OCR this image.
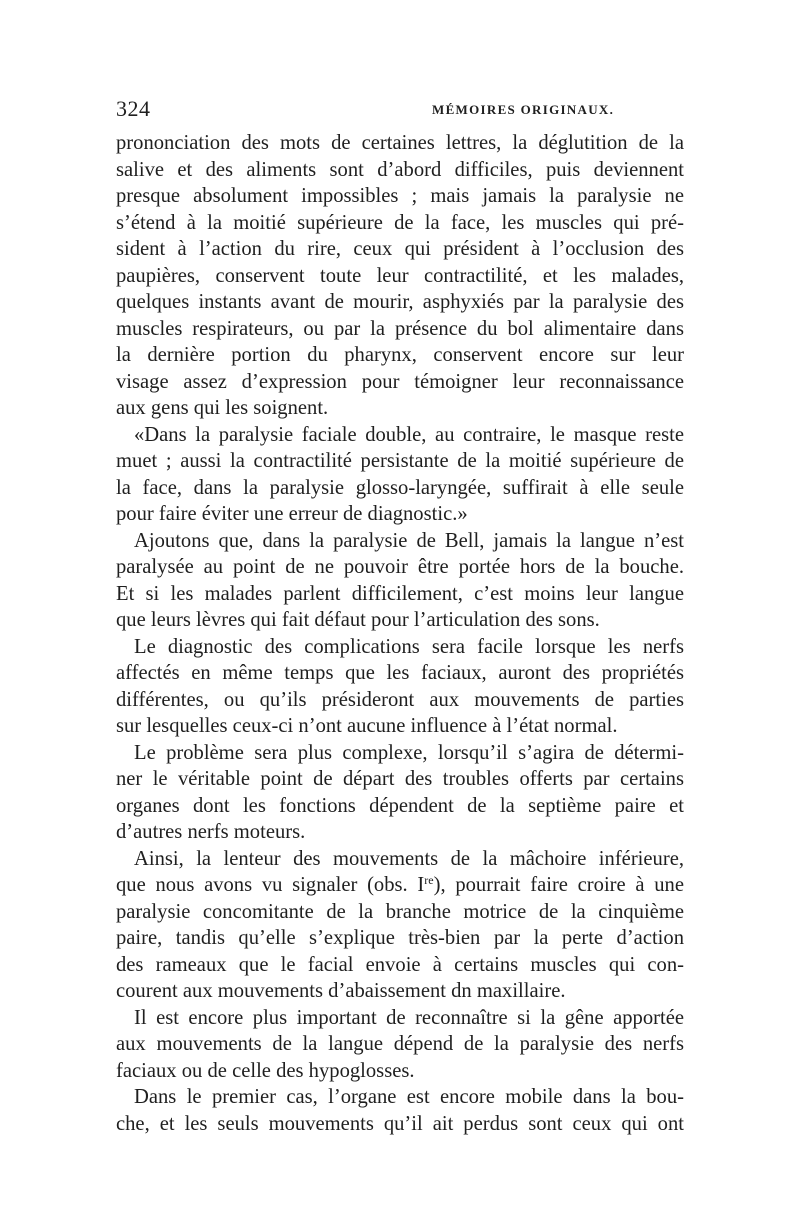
324	MÉMOIRES ORIGINAUX.
prononciation des mots de certaines lettres, la déglutition de la
salive et des aliments sont d’abord difficiles, puis deviennent
presque absolument impossibles ; mais jamais la paralysie ne
s’étend à la moitié supérieure de la face, les muscles qui pré-
sident à l’action du rire, ceux qui président à l’occlusion des
paupières, conservent toute leur contractilité, et les malades,
quelques instants avant de mourir, asphyxiés par la paralysie des
muscles respirateurs, ou par la présence du bol alimentaire dans
la dernière portion du pharynx, conservent encore sur leur
visage assez d’expression pour témoigner leur reconnaissance
aux gens qui les soignent.
«Dans la paralysie faciale double, au contraire, le masque reste
muet ; aussi la contractilité persistante de la moitié supérieure de
la face, dans la paralysie glosso-laryngée, suffirait à elle seule
pour faire éviter une erreur de diagnostic.»
Ajoutons que, dans la paralysie de Bell, jamais la langue n’est
paralysée au point de ne pouvoir être portée hors de la bouche.
Et si les malades parlent difficilement, c’est moins leur langue
que leurs lèvres qui fait défaut pour l’articulation des sons.
Le diagnostic des complications sera facile lorsque les nerfs
affectés en même temps que les faciaux, auront des propriétés
différentes, ou qu’ils présideront aux mouvements de parties
sur lesquelles ceux-ci n’ont aucune influence à l’état normal.
Le problème sera plus complexe, lorsqu’il s’agira de détermi-
ner le véritable point de départ des troubles offerts par certains
organes dont les fonctions dépendent de la septième paire et
d’autres nerfs moteurs.
Ainsi, la lenteur des mouvements de la mâchoire inférieure,
que nous avons vu signaler (obs. Ire), pourrait faire croire à une
paralysie concomitante de la branche motrice de la cinquième
paire, tandis qu’elle s’explique très-bien par la perte d’action
des rameaux que le facial envoie à certains muscles qui con-
courent aux mouvements d’abaissement dn maxillaire.
Il est encore plus important de reconnaître si la gêne apportée
aux mouvements de la langue dépend de la paralysie des nerfs
faciaux ou de celle des hypoglosses.
Dans le premier cas, l’organe est encore mobile dans la bou-
che, et les seuls mouvements qu’il ait perdus sont ceux qui ont
